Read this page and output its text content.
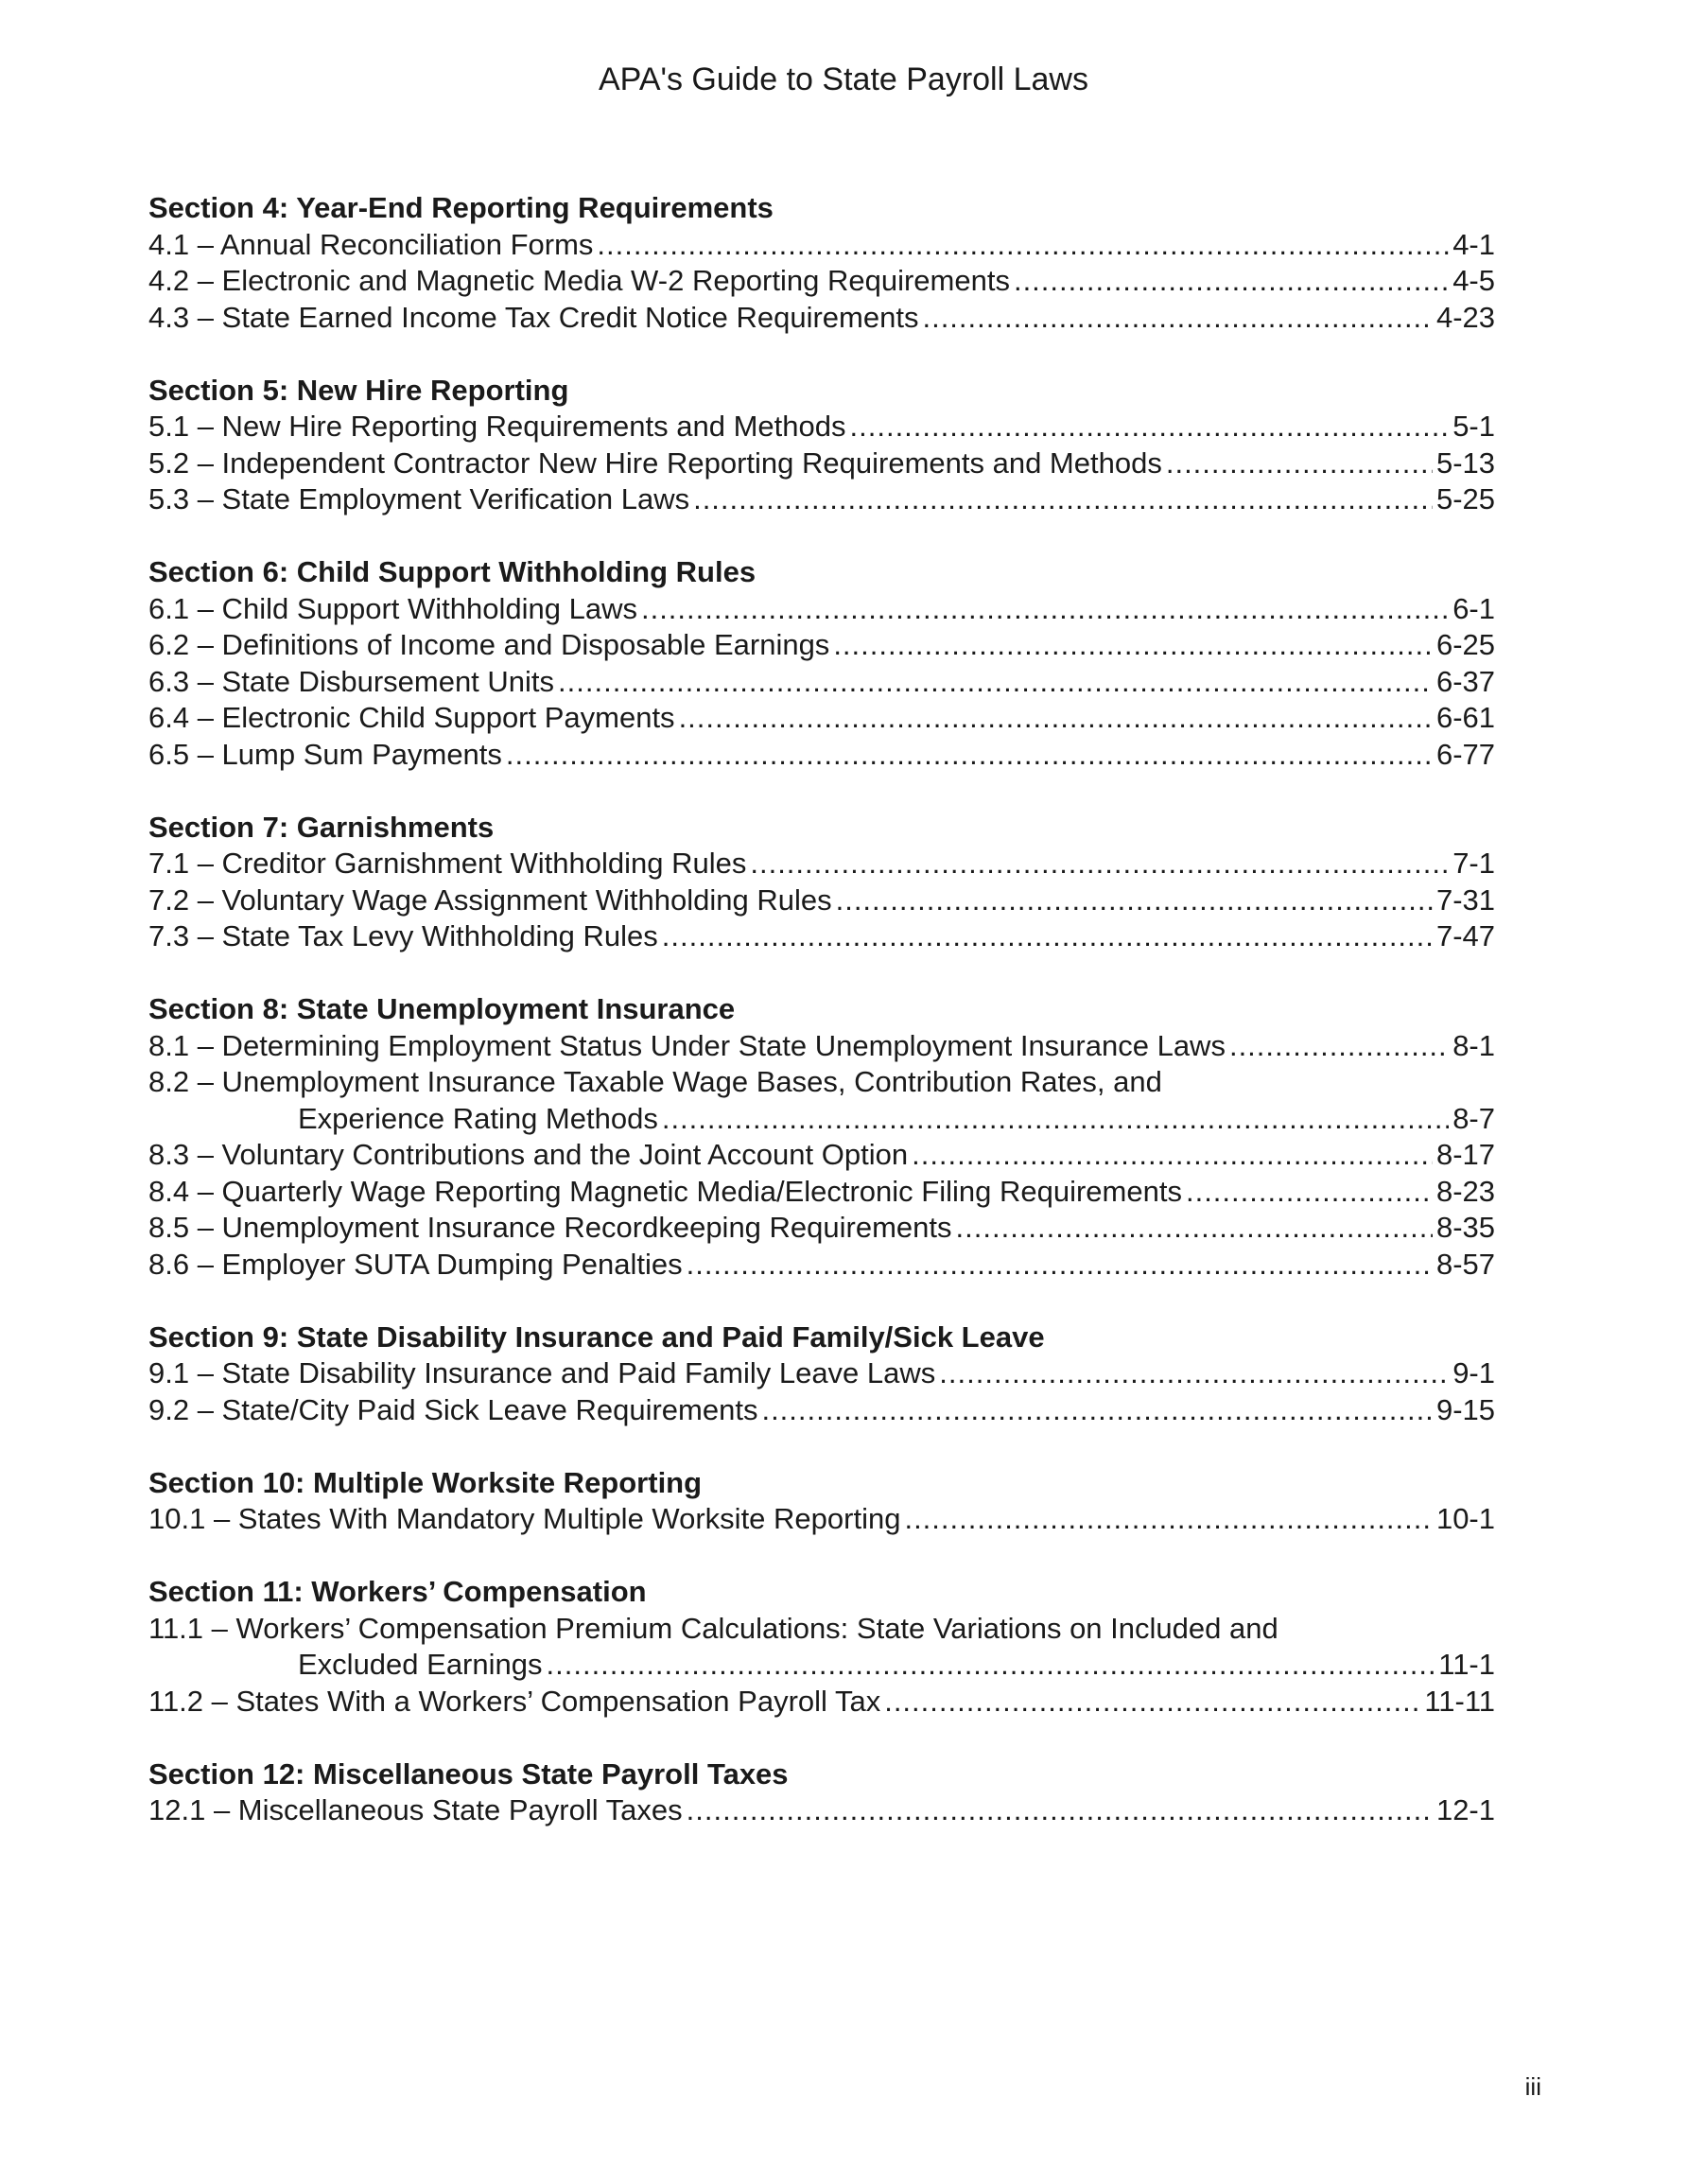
APA's Guide to State Payroll Laws
Section 4: Year-End Reporting Requirements
4.1 – Annual Reconciliation Forms .....	4-1
4.2 – Electronic and Magnetic Media W-2 Reporting Requirements .....	4-5
4.3 – State Earned Income Tax Credit Notice Requirements .....	4-23
Section 5: New Hire Reporting
5.1 – New Hire Reporting Requirements and Methods .....	5-1
5.2 – Independent Contractor New Hire Reporting Requirements and Methods .....	5-13
5.3 – State Employment Verification Laws .....	5-25
Section 6: Child Support Withholding Rules
6.1 – Child Support Withholding Laws .....	6-1
6.2 – Definitions of Income and Disposable Earnings .....	6-25
6.3 – State Disbursement Units .....	6-37
6.4 – Electronic Child Support Payments .....	6-61
6.5 – Lump Sum Payments .....	6-77
Section 7: Garnishments
7.1 – Creditor Garnishment Withholding Rules .....	7-1
7.2 – Voluntary Wage Assignment Withholding Rules .....	7-31
7.3 – State Tax Levy Withholding Rules .....	7-47
Section 8: State Unemployment Insurance
8.1 – Determining Employment Status Under State Unemployment Insurance Laws .....	8-1
8.2 – Unemployment Insurance Taxable Wage Bases, Contribution Rates, and
Experience Rating Methods .....	8-7
8.3 – Voluntary Contributions and the Joint Account Option .....	8-17
8.4 – Quarterly Wage Reporting Magnetic Media/Electronic Filing Requirements .....	8-23
8.5 – Unemployment Insurance Recordkeeping Requirements .....	8-35
8.6 – Employer SUTA Dumping Penalties .....	8-57
Section 9: State Disability Insurance and Paid Family/Sick Leave
9.1 – State Disability Insurance and Paid Family Leave Laws .....	9-1
9.2 – State/City Paid Sick Leave Requirements .....	9-15
Section 10: Multiple Worksite Reporting
10.1 – States With Mandatory Multiple Worksite Reporting .....	10-1
Section 11: Workers’ Compensation
11.1 – Workers’ Compensation Premium Calculations: State Variations on Included and
Excluded Earnings .....	11-1
11.2 – States With a Workers’ Compensation Payroll Tax .....	11-11
Section 12: Miscellaneous State Payroll Taxes
12.1 – Miscellaneous State Payroll Taxes .....	12-1
iii
